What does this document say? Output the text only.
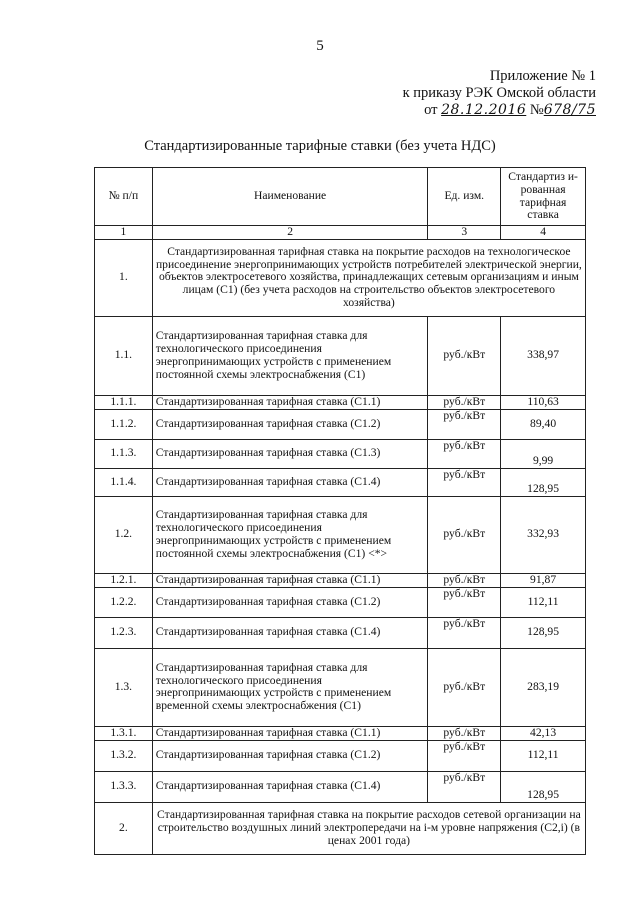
5
Приложение № 1
к приказу РЭК Омской области
от 28.12.2016 №678/75
Стандартизированные тарифные ставки (без учета НДС)
№ п/п	Наименование	Ед. изм.	Стандартиз и-рованная тарифная ставка
1	2	3	4
1.	Стандартизированная тарифная ставка на покрытие расходов на технологическое присоединение энергопринимающих устройств потребителей электрической энергии, объектов электросетевого хозяйства, принадлежащих сетевым организациям и иным лицам (С1) (без учета расходов на строительство объектов электросетевого хозяйства)		
1.1.	Стандартизированная тарифная ставка для технологического присоединения энергопринимающих устройств с применением постоянной схемы электроснабжения (С1)	руб./кВт	338,97
1.1.1.	Стандартизированная тарифная ставка (С1.1)	руб./кВт	110,63
1.1.2.	Стандартизированная тарифная ставка (С1.2)	руб./кВт	89,40
1.1.3.	Стандартизированная тарифная ставка (С1.3)	руб./кВт	9,99
1.1.4.	Стандартизированная тарифная ставка (С1.4)	руб./кВт	128,95
1.2.	Стандартизированная тарифная ставка для технологического присоединения энергопринимающих устройств с применением постоянной схемы электроснабжения (С1) <*>	руб./кВт	332,93
1.2.1.	Стандартизированная тарифная ставка (С1.1)	руб./кВт	91,87
1.2.2.	Стандартизированная тарифная ставка (С1.2)	руб./кВт	112,11
1.2.3.	Стандартизированная тарифная ставка (С1.4)	руб./кВт	128,95
1.3.	Стандартизированная тарифная ставка для технологического присоединения энергопринимающих устройств с применением временной схемы электроснабжения (С1)	руб./кВт	283,19
1.3.1.	Стандартизированная тарифная ставка (С1.1)	руб./кВт	42,13
1.3.2.	Стандартизированная тарифная ставка (С1.2)	руб./кВт	112,11
1.3.3.	Стандартизированная тарифная ставка (С1.4)	руб./кВт	128,95
2.	Стандартизированная тарифная ставка на покрытие расходов сетевой организации на строительство воздушных линий электропередачи на i-м уровне напряжения (С2,i) (в ценах 2001 года)		
